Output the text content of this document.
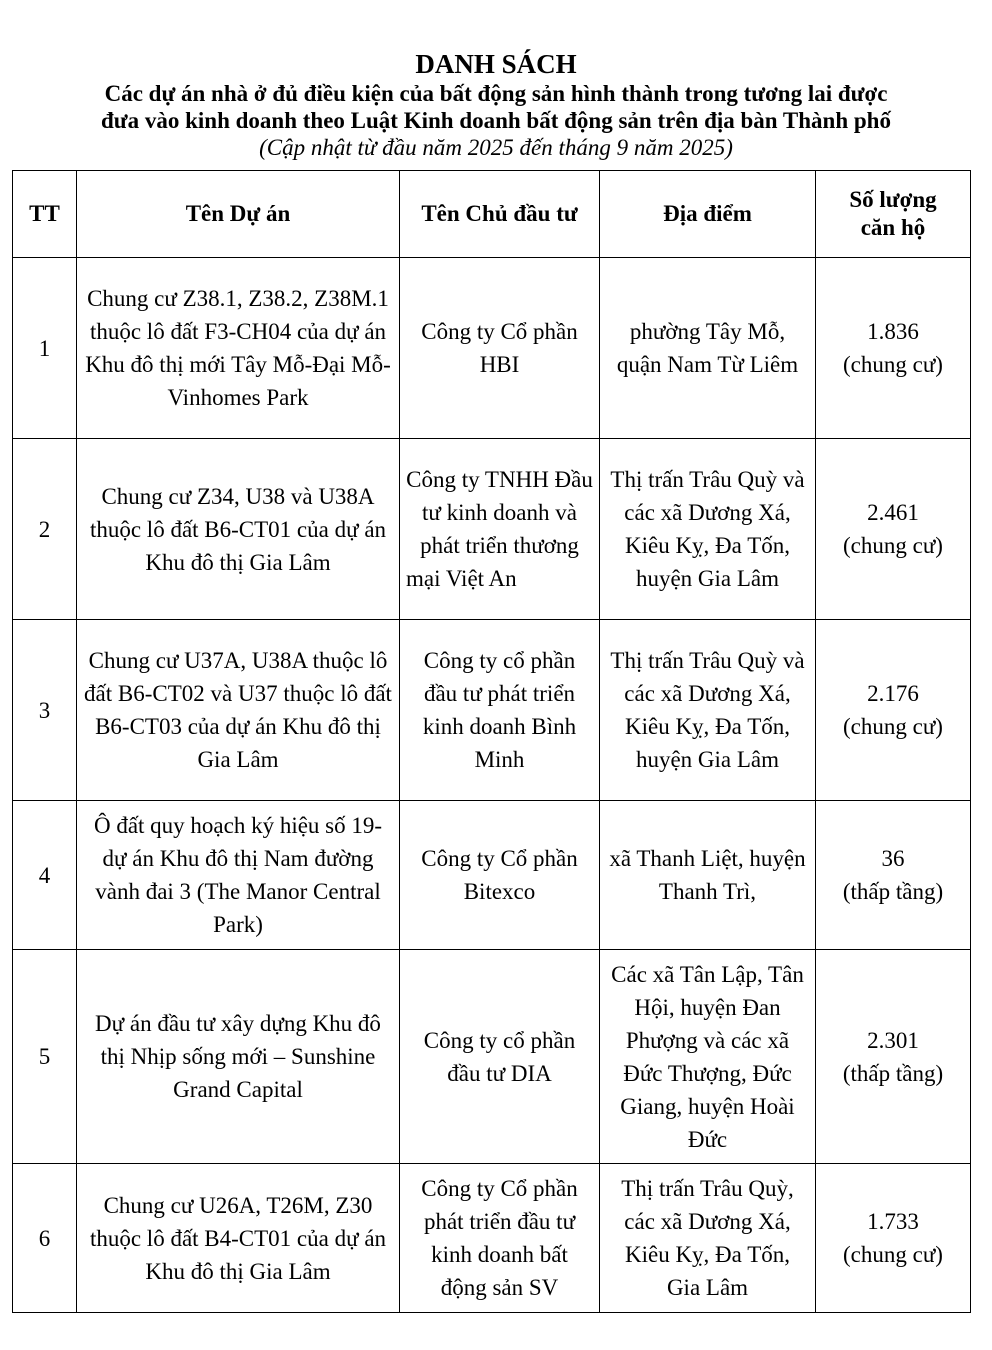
DANH SÁCH
Các dự án nhà ở đủ điều kiện của bất động sản hình thành trong tương lai được
đưa vào kinh doanh theo Luật Kinh doanh bất động sản trên địa bàn Thành phố
(Cập nhật từ đầu năm 2025 đến tháng 9 năm 2025)
TT	Tên Dự án	Tên Chủ đầu tư	Địa điểm	Số lượng
căn hộ

1	Chung cư Z38.1, Z38.2, Z38M.1 thuộc lô đất F3-CH04 của dự án Khu đô thị mới Tây Mỗ-Đại Mỗ-Vinhomes Park	Công ty Cổ phần HBI	phường Tây Mỗ, quận Nam Từ Liêm	1.836
(chung cư)

2	Chung cư Z34, U38 và U38A thuộc lô đất B6-CT01 của dự án Khu đô thị Gia Lâm	Công ty TNHH Đầu tư kinh doanh và phát triển thương mại Việt An	Thị trấn Trâu Quỳ và các xã Dương Xá, Kiêu Kỵ, Đa Tốn, huyện Gia Lâm	2.461
(chung cư)

3	Chung cư U37A, U38A thuộc lô đất B6-CT02 và U37 thuộc lô đất B6-CT03 của dự án Khu đô thị Gia Lâm	Công ty cổ phần đầu tư phát triển kinh doanh Bình Minh	Thị trấn Trâu Quỳ và các xã Dương Xá, Kiêu Kỵ, Đa Tốn, huyện Gia Lâm	2.176
(chung cư)

4	Ô đất quy hoạch ký hiệu số 19-dự án Khu đô thị Nam đường vành đai 3 (The Manor Central Park)	Công ty Cổ phần Bitexco	xã Thanh Liệt, huyện Thanh Trì,	36
(thấp tầng)

5	Dự án đầu tư xây dựng Khu đô thị Nhịp sống mới – Sunshine Grand Capital	Công ty cổ phần đầu tư DIA	Các xã Tân Lập, Tân Hội, huyện Đan Phượng và các xã Đức Thượng, Đức Giang, huyện Hoài Đức	2.301
(thấp tầng)

6	Chung cư U26A, T26M, Z30 thuộc lô đất B4-CT01 của dự án Khu đô thị Gia Lâm	Công ty Cổ phần phát triển đầu tư kinh doanh bất động sản SV	Thị trấn Trâu Quỳ, các xã Dương Xá, Kiêu Kỵ, Đa Tốn, Gia Lâm	1.733
(chung cư)
